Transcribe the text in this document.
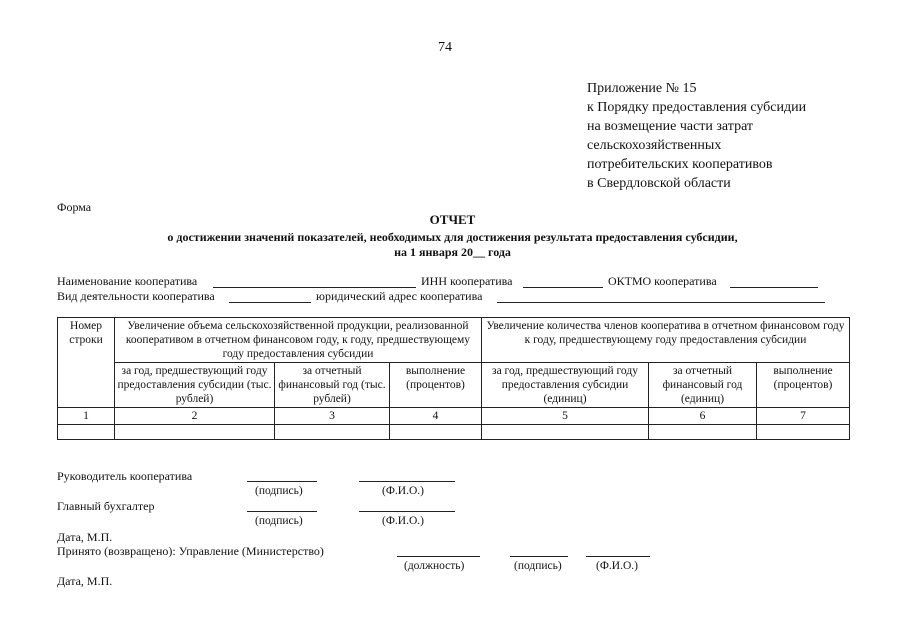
74
Приложение № 15
к Порядку предоставления субсидии
на возмещение части затрат
сельскохозяйственных
потребительских кооперативов
в Свердловской области
Форма
ОТЧЕТ
о достижении значений показателей, необходимых для достижения результата предоставления субсидии,
на 1 января 20__ года
Наименование кооператива	ИНН кооператива	ОКТМО кооператива
Вид деятельности кооператива	юридический адрес кооператива
Номер строки	Увеличение объема сельскохозяйственной продукции, реализованной кооперативом в отчетном финансовом году, к году, предшествующему году предоставления субсидии			Увеличение количества членов кооператива в отчетном финансовом году к году, предшествующему году предоставления субсидии		
	за год, предшествующий году предоставления субсидии (тыс. рублей)	за отчетный финансовый год (тыс. рублей)	выполнение (процентов)	за год, предшествующий году предоставления субсидии (единиц)	за отчетный финансовый год (единиц)	выполнение (процентов)
1	2	3	4	5	6	7

Руководитель кооператива
(подпись)	(Ф.И.О.)
Главный бухгалтер
(подпись)	(Ф.И.О.)
Дата, М.П.
Принято (возвращено): Управление (Министерство)
(должность)	(подпись)	(Ф.И.О.)
Дата, М.П.
